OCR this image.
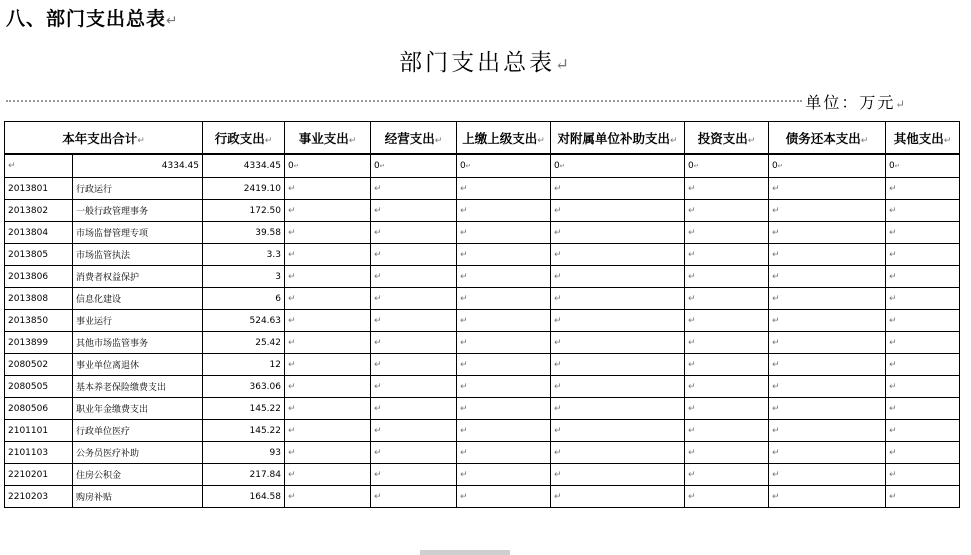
八、部门支出总表↵
部门支出总表↵
单位：万元↵
本年支出合计↵		行政支出↵	事业支出↵	经营支出↵	上缴上级支出↵	对附属单位补助支出↵	投资支出↵	债务还本支出↵	其他支出↵
↵	4334.45	4334.45	0↵	0↵	0↵	0↵	0↵	0↵	0↵
2013801	行政运行	2419.10	↵	↵	↵	↵	↵	↵	↵
2013802	一般行政管理事务	172.50	↵	↵	↵	↵	↵	↵	↵
2013804	市场监督管理专项	39.58	↵	↵	↵	↵	↵	↵	↵
2013805	市场监管执法	3.3	↵	↵	↵	↵	↵	↵	↵
2013806	消费者权益保护	3	↵	↵	↵	↵	↵	↵	↵
2013808	信息化建设	6	↵	↵	↵	↵	↵	↵	↵
2013850	事业运行	524.63	↵	↵	↵	↵	↵	↵	↵
2013899	其他市场监管事务	25.42	↵	↵	↵	↵	↵	↵	↵
2080502	事业单位离退休	12	↵	↵	↵	↵	↵	↵	↵
2080505	基本养老保险缴费支出	363.06	↵	↵	↵	↵	↵	↵	↵
2080506	职业年金缴费支出	145.22	↵	↵	↵	↵	↵	↵	↵
2101101	行政单位医疗	145.22	↵	↵	↵	↵	↵	↵	↵
2101103	公务员医疗补助	93	↵	↵	↵	↵	↵	↵	↵
2210201	住房公积金	217.84	↵	↵	↵	↵	↵	↵	↵
2210203	购房补贴	164.58	↵	↵	↵	↵	↵	↵	↵
